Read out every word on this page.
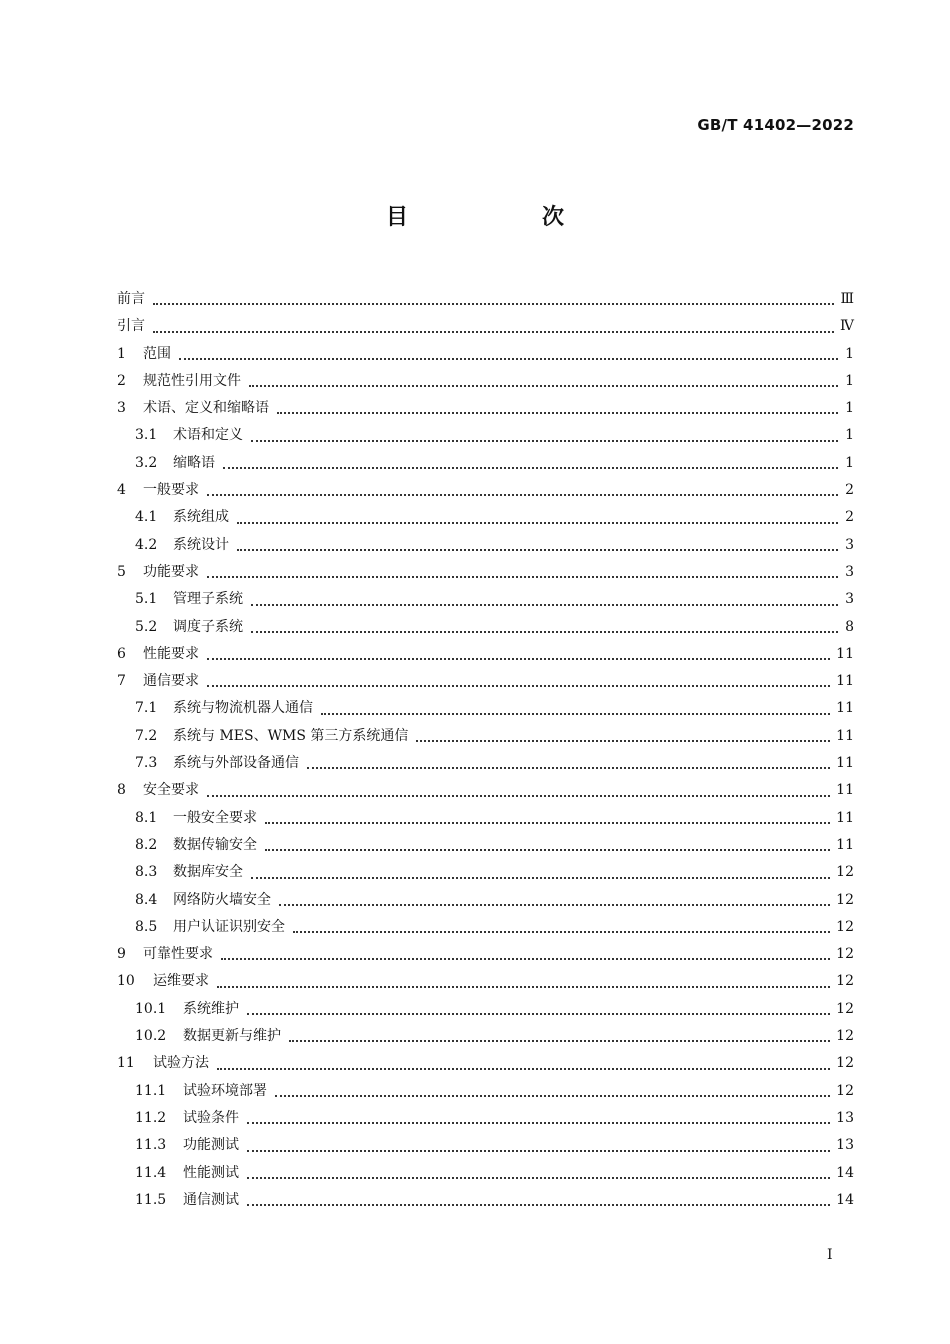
GB/T 41402—2022
目　次
前言	Ⅲ
引言	Ⅳ
1	范围	1
2	规范性引用文件	1
3	术语、定义和缩略语	1
3.1	术语和定义	1
3.2	缩略语	1
4	一般要求	2
4.1	系统组成	2
4.2	系统设计	3
5	功能要求	3
5.1	管理子系统	3
5.2	调度子系统	8
6	性能要求	11
7	通信要求	11
7.1	系统与物流机器人通信	11
7.2	系统与 MES、WMS 第三方系统通信	11
7.3	系统与外部设备通信	11
8	安全要求	11
8.1	一般安全要求	11
8.2	数据传输安全	11
8.3	数据库安全	12
8.4	网络防火墙安全	12
8.5	用户认证识别安全	12
9	可靠性要求	12
10	运维要求	12
10.1	系统维护	12
10.2	数据更新与维护	12
11	试验方法	12
11.1	试验环境部署	12
11.2	试验条件	13
11.3	功能测试	13
11.4	性能测试	14
11.5	通信测试	14
I
